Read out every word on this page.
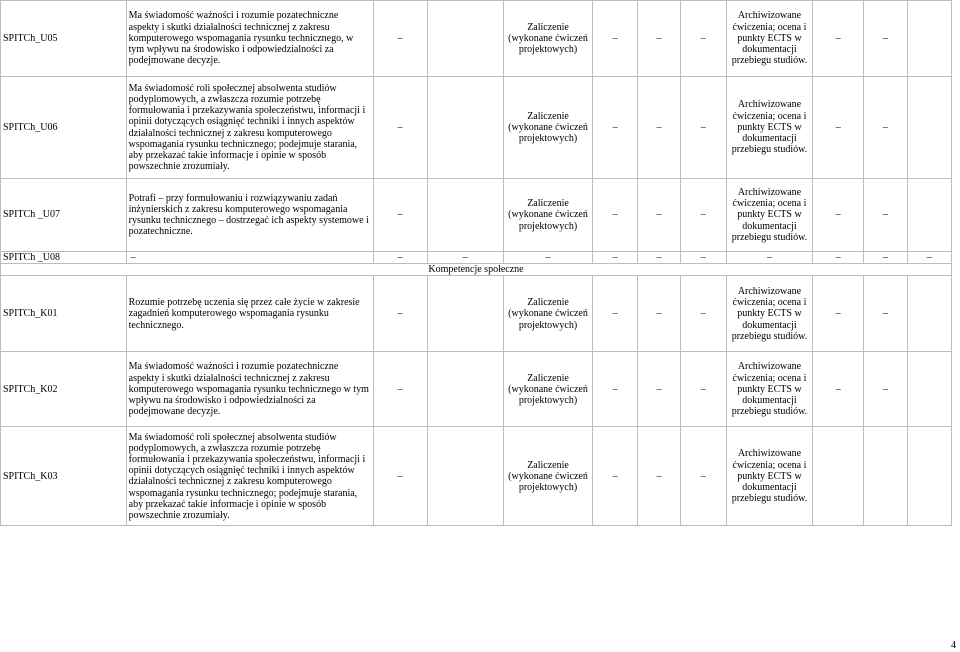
SPITCh_U05	Ma świadomość ważności i rozumie pozatechniczne aspekty i skutki działalności technicznej z zakresu komputerowego wspomagania rysunku technicznego, w tym wpływu na środowisko i odpowiedzialności za podejmowane decyzje.	–		Zaliczenie (wykonane ćwiczeń projektowych)	–	–	–	Archiwizowane ćwiczenia; ocena i punkty ECTS w dokumentacji przebiegu studiów.	–	–	
SPITCh_U06	Ma świadomość roli społecznej absolwenta studiów podyplomowych, a zwłaszcza rozumie potrzebę formułowania i przekazywania społeczeństwu, informacji i opinii dotyczących osiągnięć techniki i innych aspektów działalności technicznej z zakresu komputerowego wspomagania rysunku technicznego; podejmuje starania, aby przekazać takie informacje i opinie w sposób powszechnie zrozumiały.	–		Zaliczenie (wykonane ćwiczeń projektowych)	–	–	–	Archiwizowane ćwiczenia; ocena i punkty ECTS w dokumentacji przebiegu studiów.	–	–	
SPITCh _U07	Potrafi – przy formułowaniu i rozwiązywaniu zadań inżynierskich z zakresu komputerowego wspomagania rysunku technicznego – dostrzegać ich aspekty systemowe i pozatechniczne.	–		Zaliczenie (wykonane ćwiczeń projektowych)	–	–	–	Archiwizowane ćwiczenia; ocena i punkty ECTS w dokumentacji przebiegu studiów.	–	–	
SPITCh _U08	–	–	–	–	–	–	–	–	–	–	–
Kompetencje społeczne											
SPITCh_K01	Rozumie potrzebę uczenia się przez całe życie w zakresie zagadnień komputerowego wspomagania rysunku technicznego.	–		Zaliczenie (wykonane ćwiczeń projektowych)	–	–	–	Archiwizowane ćwiczenia; ocena i punkty ECTS w dokumentacji przebiegu studiów.	–	–	
SPITCh_K02	Ma świadomość ważności i rozumie pozatechniczne aspekty i skutki działalności technicznej z zakresu komputerowego wspomagania rysunku technicznego w tym wpływu na środowisko i odpowiedzialności za podejmowane decyzje.	–		Zaliczenie (wykonane ćwiczeń projektowych)	–	–	–	Archiwizowane ćwiczenia; ocena i punkty ECTS w dokumentacji przebiegu studiów.	–	–	
SPITCh_K03	Ma świadomość roli społecznej absolwenta studiów podyplomowych, a zwłaszcza rozumie potrzebę formułowania i przekazywania społeczeństwu, informacji i opinii dotyczących osiągnięć techniki i innych aspektów działalności technicznej z zakresu komputerowego wspomagania rysunku technicznego; podejmuje starania, aby przekazać takie informacje i opinie w sposób powszechnie zrozumiały.	–		Zaliczenie (wykonane ćwiczeń projektowych)	–	–	–	Archiwizowane ćwiczenia; ocena i punkty ECTS w dokumentacji przebiegu studiów.			
4
